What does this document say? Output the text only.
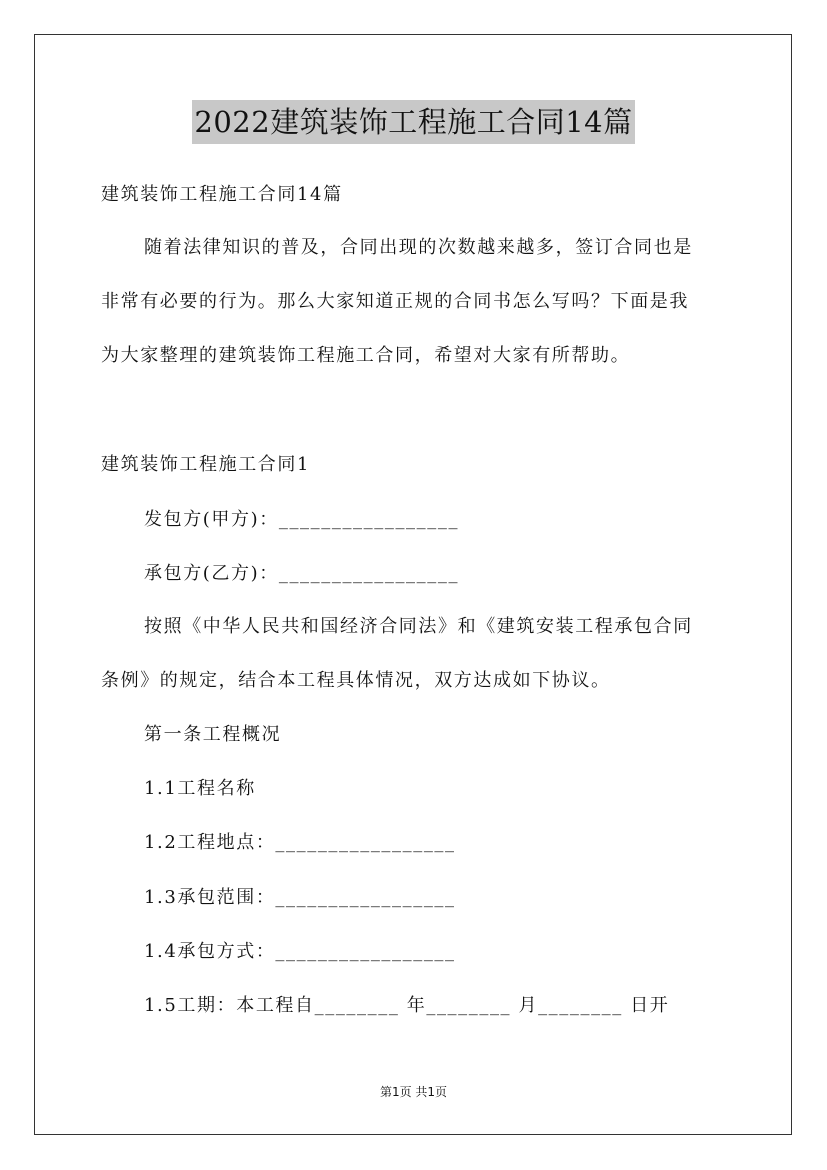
2022建筑装饰工程施工合同14篇

建筑装饰工程施工合同14篇

随着法律知识的普及，合同出现的次数越来越多，签订合同也是

非常有必要的行为。那么大家知道正规的合同书怎么写吗？下面是我

为大家整理的建筑装饰工程施工合同，希望对大家有所帮助。

建筑装饰工程施工合同1

发包方(甲方)：_________________

承包方(乙方)：_________________

按照《中华人民共和国经济合同法》和《建筑安装工程承包合同

条例》的规定，结合本工程具体情况，双方达成如下协议。

第一条工程概况

1.1工程名称

1.2工程地点：_________________

1.3承包范围：_________________

1.4承包方式：_________________

1.5工期：本工程自________ 年________ 月________ 日开

第1页 共1页
